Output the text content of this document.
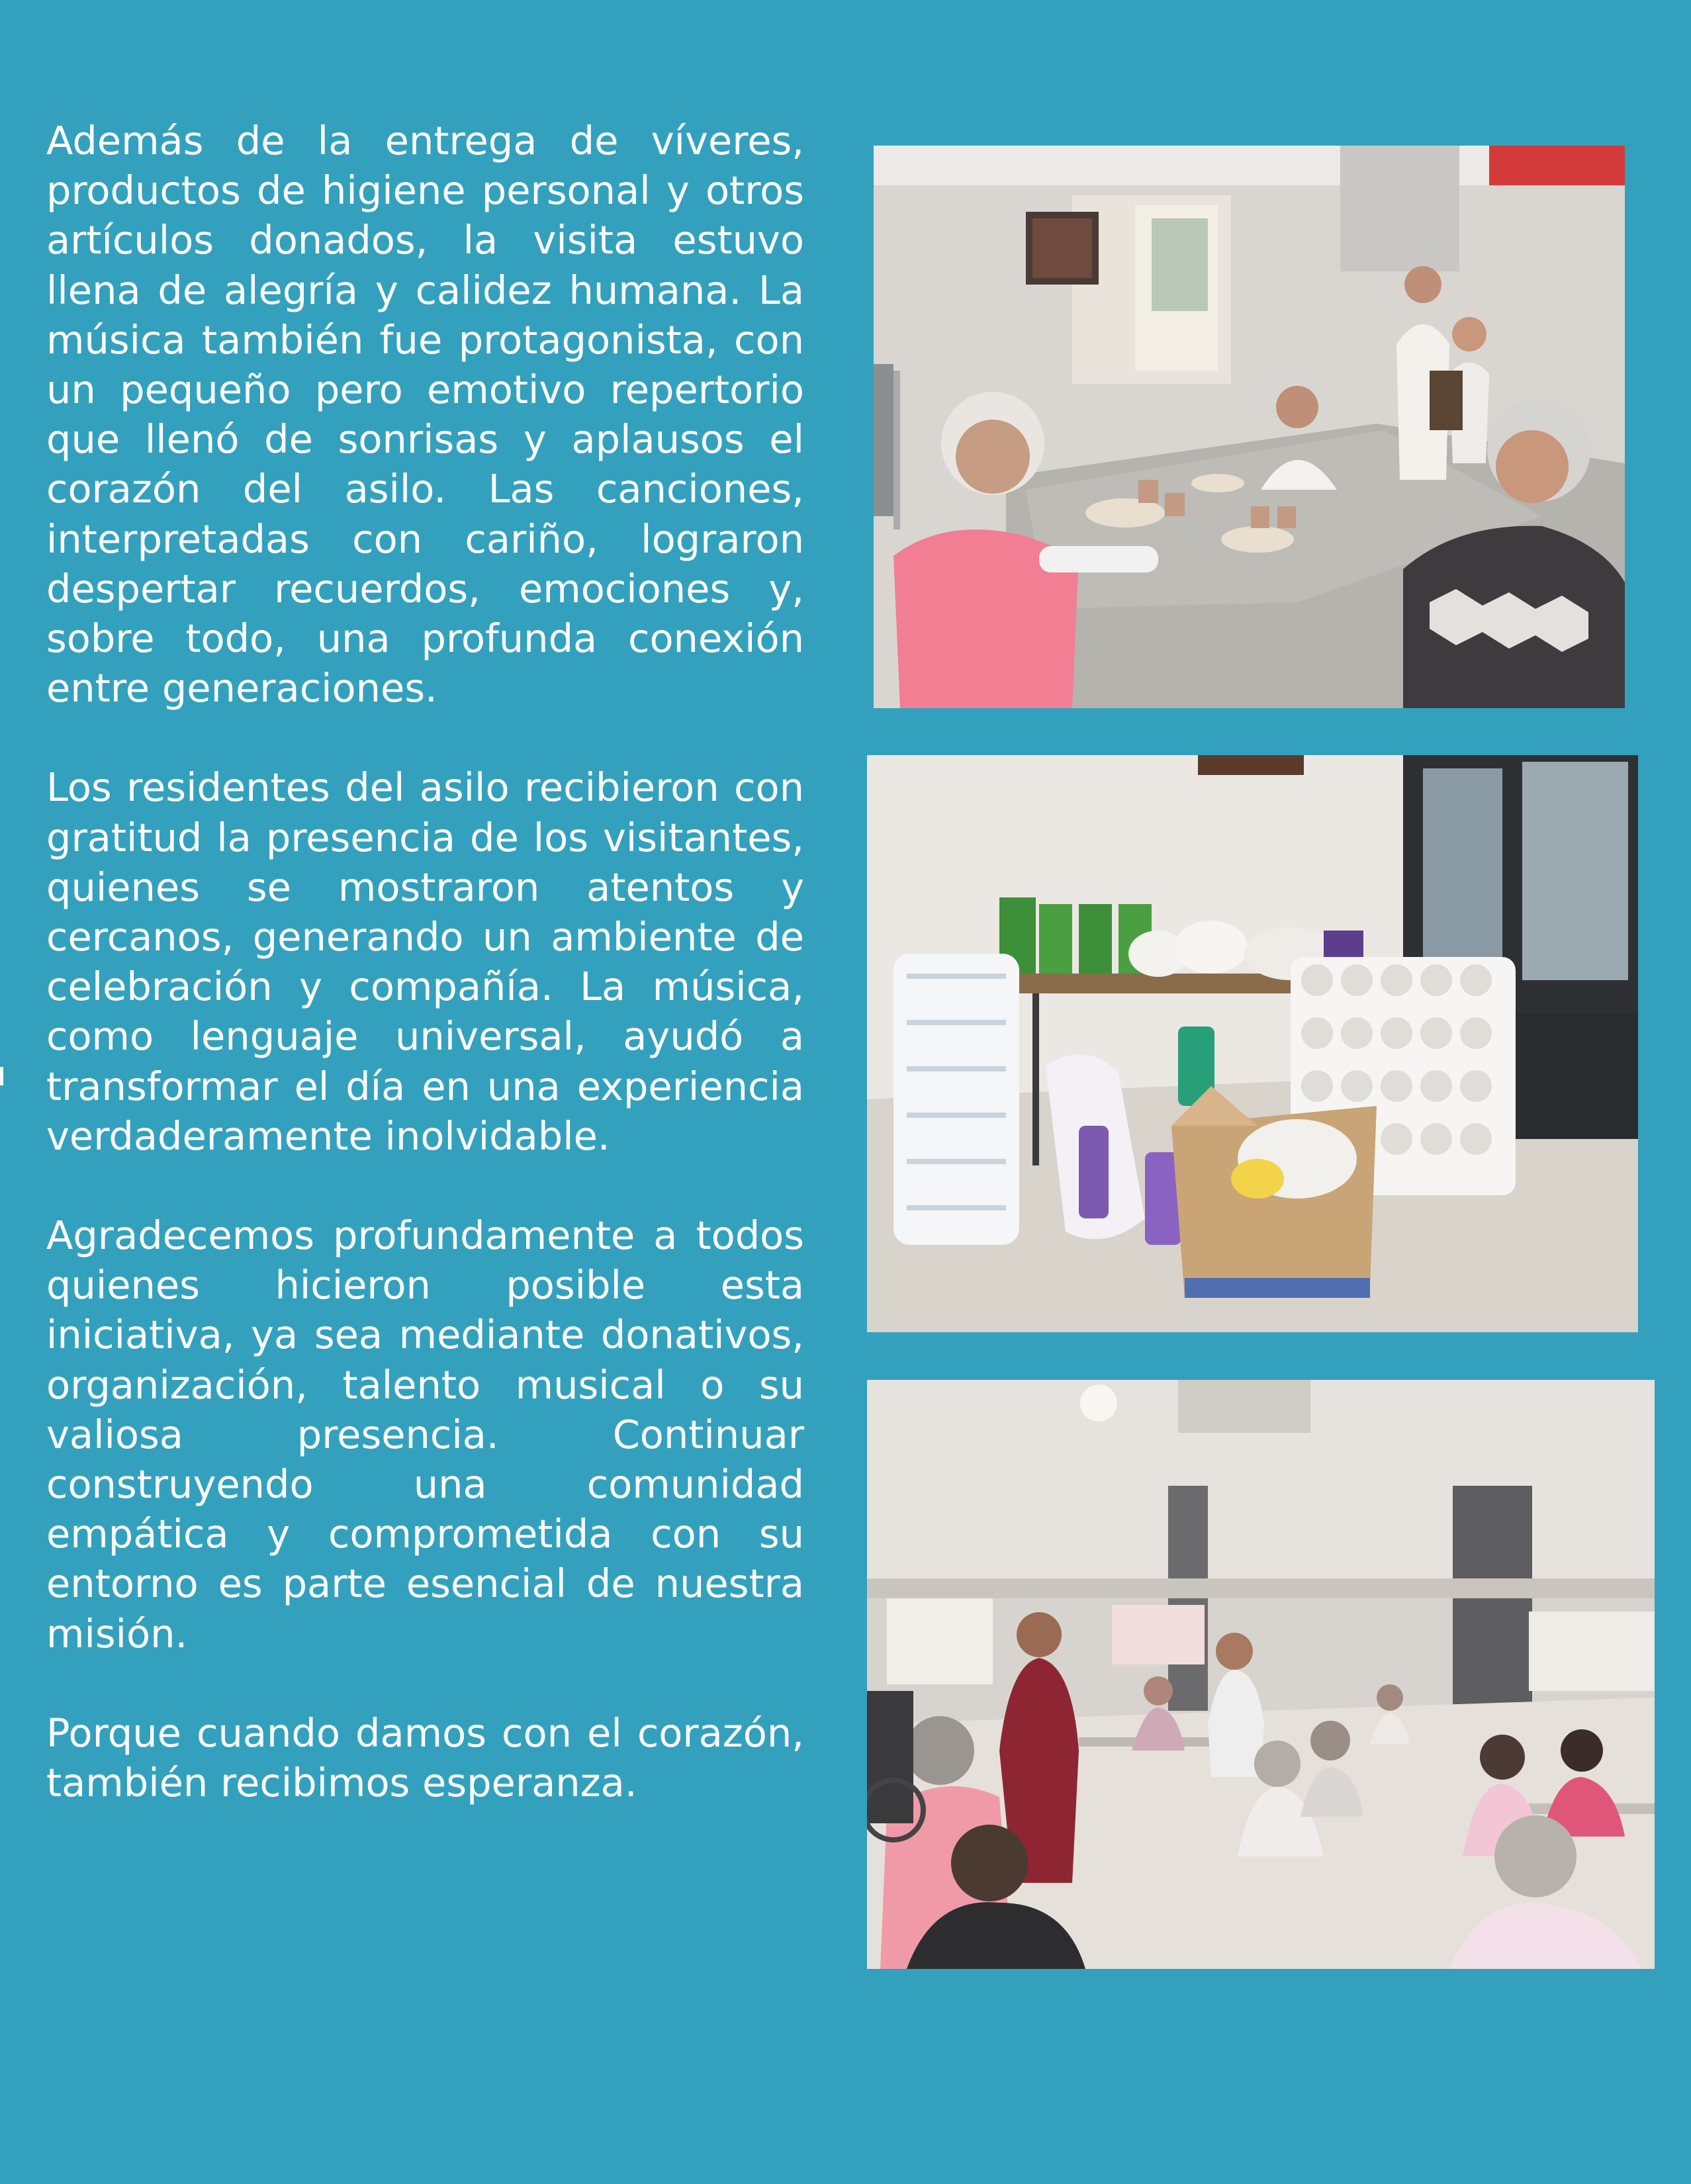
Además de la entrega de víveres, productos de higiene personal y otros artículos donados, la visita estuvo llena de alegría y calidez humana. La música también fue protagonista, con un pequeño pero emotivo repertorio que llenó de sonrisas y aplausos el corazón del asilo. Las canciones, interpretadas con cariño, lograron despertar recuerdos, emociones y, sobre todo, una profunda conexión entre generaciones.

Los residentes del asilo recibieron con gratitud la presencia de los visitantes, quienes se mostraron atentos y cercanos, generando un ambiente de celebración y compañía. La música, como lenguaje universal, ayudó a transformar el día en una experiencia verdaderamente inolvidable.

Agradecemos profundamente a todos quienes hicieron posible esta iniciativa, ya sea mediante donativos, organización, talento musical o su valiosa presencia. Continuar construyendo una comunidad empática y comprometida con su entorno es parte esencial de nuestra misión.

Porque cuando damos con el corazón, también recibimos esperanza.
